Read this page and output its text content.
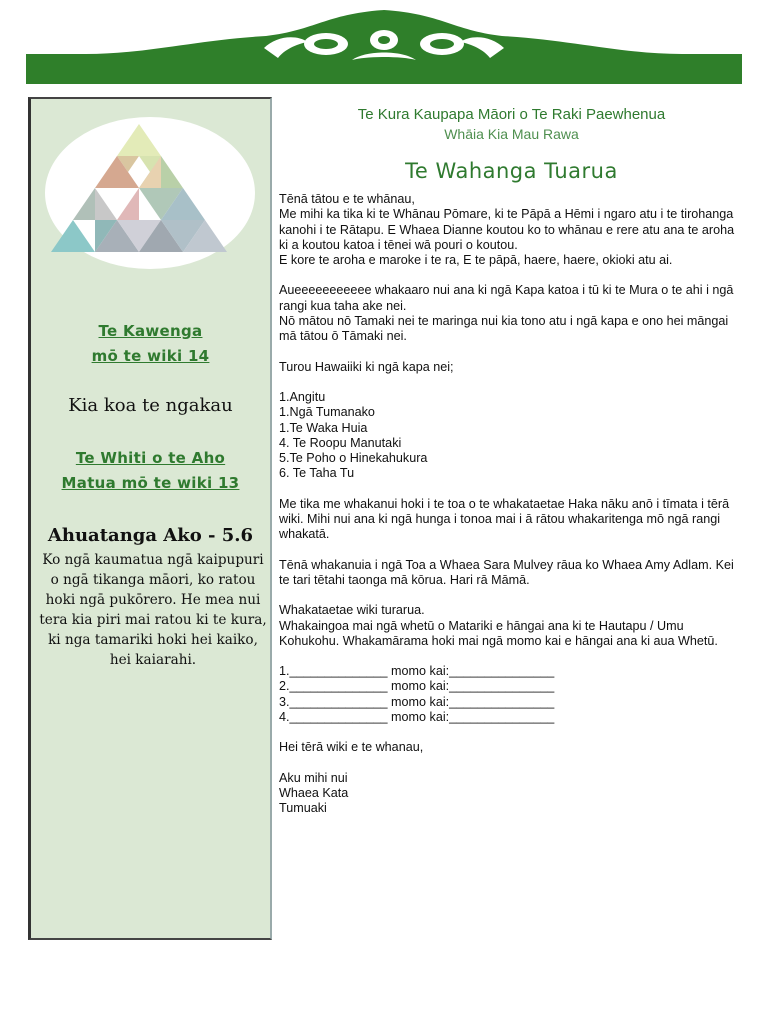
Te Kawenga
mō te wiki 14
Kia koa te ngakau
Te Whiti o te Aho
Matua mō te wiki 13
Ahuatanga Ako - 5.6
Ko ngā kaumatua ngā kaipupuri o ngā tikanga māori, ko ratou hoki ngā pukōrero. He mea nui tera kia piri mai ratou ki te kura, ki nga tamariki hoki hei kaiko, hei kaiarahi.
Te Kura Kaupapa Māori o Te Raki Paewhenua
Whāia Kia Mau Rawa
Te Wahanga Tuarua

Tēnā tātou e te whānau,
Me mihi ka tika ki te Whānau Pōmare, ki te Pāpā a Hēmi i ngaro atu i te tirohanga kanohi i te Rātapu. E Whaea Dianne koutou ko to whānau e rere atu ana te aroha ki a koutou katoa i tēnei wā pouri o koutou.
E kore te aroha e maroke i te ra, E te pāpā, haere, haere, okioki atu ai.

Aueeeeeeeeeee whakaaro nui ana ki ngā Kapa katoa i tū ki te Mura o te ahi i ngā rangi kua taha ake nei.
Nō mātou nō Tamaki nei te maringa nui kia tono atu i ngā kapa e ono hei māngai mā tātou ō Tāmaki nei.

Turou Hawaiiki ki ngā kapa nei;

1.Angitu
1.Ngā Tumanako
1.Te Waka Huia
4. Te Roopu Manutaki
5.Te Poho o Hinekahukura
6. Te Taha Tu

Me tika me whakanui hoki i te toa o te whakataetae Haka nāku anō i tīmata i tērā wiki. Mihi nui ana ki ngā hunga i tonoa mai i ā rātou whakaritenga mō ngā rangi whakatā.

Tēnā whakanuia i ngā Toa a Whaea Sara Mulvey rāua ko Whaea Amy Adlam. Kei te tari tētahi taonga mā kōrua. Hari rā Māmā.

Whakataetae wiki turarua.
Whakaingoa mai ngā whetū o Matariki e hāngai ana ki te Hautapu / Umu Kohukohu. Whakamārama hoki mai ngā momo kai e hāngai ana ki aua Whetū.

1.______________ momo kai:_______________
2.______________ momo kai:_______________
3.______________ momo kai:_______________
4.______________ momo kai:_______________

Hei tērā wiki e te whanau,

Aku mihi nui
Whaea Kata
Tumuaki
